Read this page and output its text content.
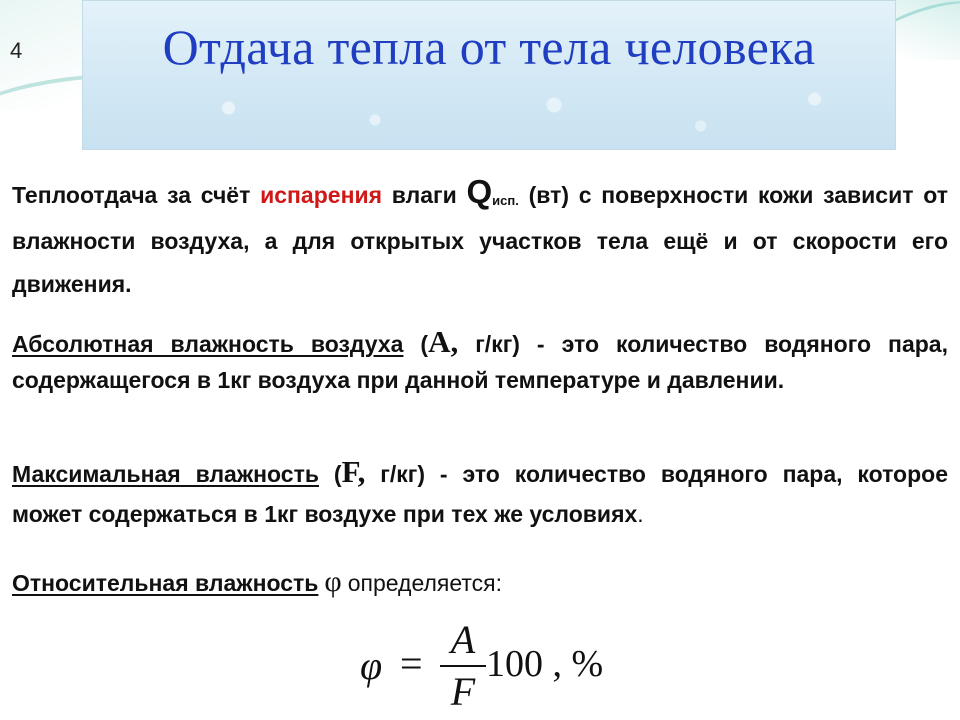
4	Отдача тепла от тела человека
Теплоотдача за счёт испарения влаги Qисп. (вт) с поверхности кожи зависит от влажности воздуха, а для открытых участков тела ещё и от скорости его движения.
Абсолютная влажность воздуха (А, г/кг) - это количество водяного пара, содержащегося в 1кг воздуха при данной температуре и давлении.
Максимальная влажность (F, г/кг) - это количество водяного пара, которое может содержаться в 1кг воздухе при тех же условиях.
Относительная влажность φ определяется:
φ =
A
F
100 , %
